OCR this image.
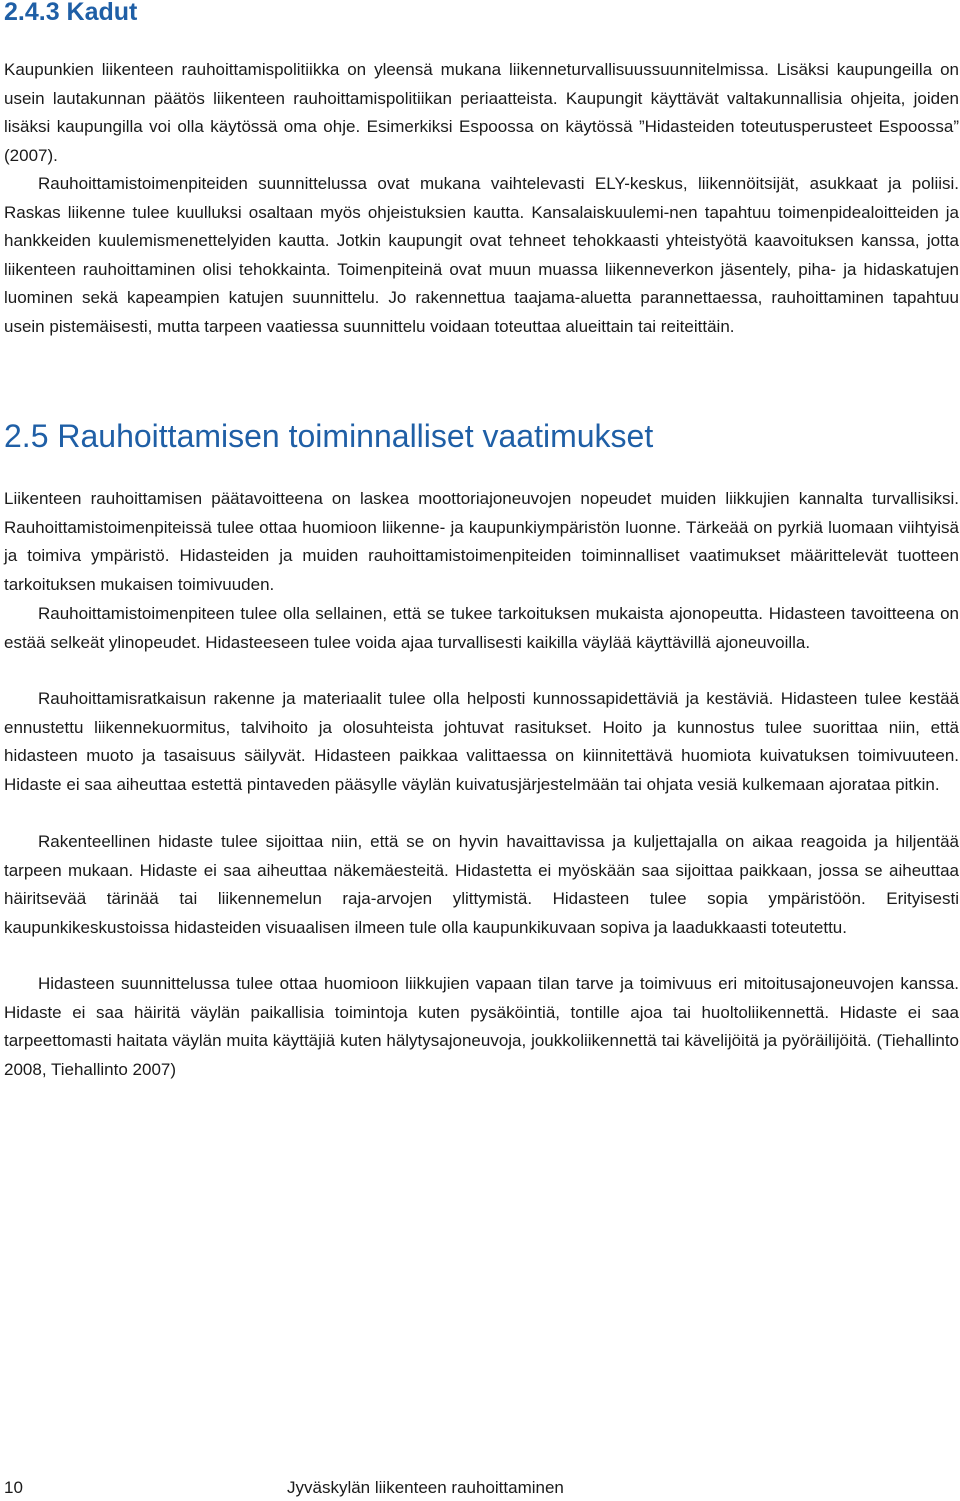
2.4.3 Kadut

Kaupunkien liikenteen rauhoittamispolitiikka on yleensä mukana liikenneturvallisuussuunnitelmissa. Lisäksi kaupungeilla on usein lautakunnan päätös liikenteen rauhoittamispolitiikan periaatteista. Kaupungit käyttävät valtakunnallisia ohjeita, joiden lisäksi kaupungilla voi olla käytössä oma ohje. Esimerkiksi Espoossa on käytössä ”Hidasteiden toteutusperusteet Espoossa” (2007).

Rauhoittamistoimenpiteiden suunnittelussa ovat mukana vaihtelevasti ELY-keskus, liikennöitsijät, asukkaat ja poliisi. Raskas liikenne tulee kuulluksi osaltaan myös ohjeistuksien kautta. Kansalaiskuulemi-nen tapahtuu toimenpidealoitteiden ja hankkeiden kuulemismenettelyiden kautta. Jotkin kaupungit ovat tehneet tehokkaasti yhteistyötä kaavoituksen kanssa, jotta liikenteen rauhoittaminen olisi tehokkainta. Toimenpiteinä ovat muun muassa liikenneverkon jäsentely, piha- ja hidaskatujen luominen sekä kapeampien katujen suunnittelu. Jo rakennettua taajama-aluetta parannettaessa, rauhoittaminen tapahtuu usein pistemäisesti, mutta tarpeen vaatiessa suunnittelu voidaan toteuttaa alueittain tai reiteittäin.

2.5 Rauhoittamisen toiminnalliset vaatimukset

Liikenteen rauhoittamisen päätavoitteena on laskea moottoriajoneuvojen nopeudet muiden liikkujien kannalta turvallisiksi. Rauhoittamistoimenpiteissä tulee ottaa huomioon liikenne- ja kaupunkiympäristön luonne. Tärkeää on pyrkiä luomaan viihtyisä ja toimiva ympäristö. Hidasteiden ja muiden rauhoittamistoimenpiteiden toiminnalliset vaatimukset määrittelevät tuotteen tarkoituksen mukaisen toimivuuden.

Rauhoittamistoimenpiteen tulee olla sellainen, että se tukee tarkoituksen mukaista ajonopeutta. Hidasteen tavoitteena on estää selkeät ylinopeudet. Hidasteeseen tulee voida ajaa turvallisesti kaikilla väylää käyttävillä ajoneuvoilla.

Rauhoittamisratkaisun rakenne ja materiaalit tulee olla helposti kunnossapidettäviä ja kestäviä. Hidasteen tulee kestää ennustettu liikennekuormitus, talvihoito ja olosuhteista johtuvat rasitukset. Hoito ja kunnostus tulee suorittaa niin, että hidasteen muoto ja tasaisuus säilyvät. Hidasteen paikkaa valittaessa on kiinnitettävä huomiota kuivatuksen toimivuuteen. Hidaste ei saa aiheuttaa estettä pintaveden pääsylle väylän kuivatusjärjestelmään tai ohjata vesiä kulkemaan ajorataa pitkin.

Rakenteellinen hidaste tulee sijoittaa niin, että se on hyvin havaittavissa ja kuljettajalla on aikaa reagoida ja hiljentää tarpeen mukaan. Hidaste ei saa aiheuttaa näkemäesteitä. Hidastetta ei myöskään saa sijoittaa paikkaan, jossa se aiheuttaa häiritsevää tärinää tai liikennemelun raja-arvojen ylittymistä. Hidasteen tulee sopia ympäristöön. Erityisesti kaupunkikeskustoissa hidasteiden visuaalisen ilmeen tule olla kaupunkikuvaan sopiva ja laadukkaasti toteutettu.

Hidasteen suunnittelussa tulee ottaa huomioon liikkujien vapaan tilan tarve ja toimivuus eri mitoitusajoneuvojen kanssa. Hidaste ei saa häiritä väylän paikallisia toimintoja kuten pysäköintiä, tontille ajoa tai huoltoliikennettä. Hidaste ei saa tarpeettomasti haitata väylän muita käyttäjiä kuten hälytysajoneuvoja, joukkoliikennettä tai kävelijöitä ja pyöräilijöitä. (Tiehallinto 2008, Tiehallinto 2007)

10	Jyväskylän liikenteen rauhoittaminen
